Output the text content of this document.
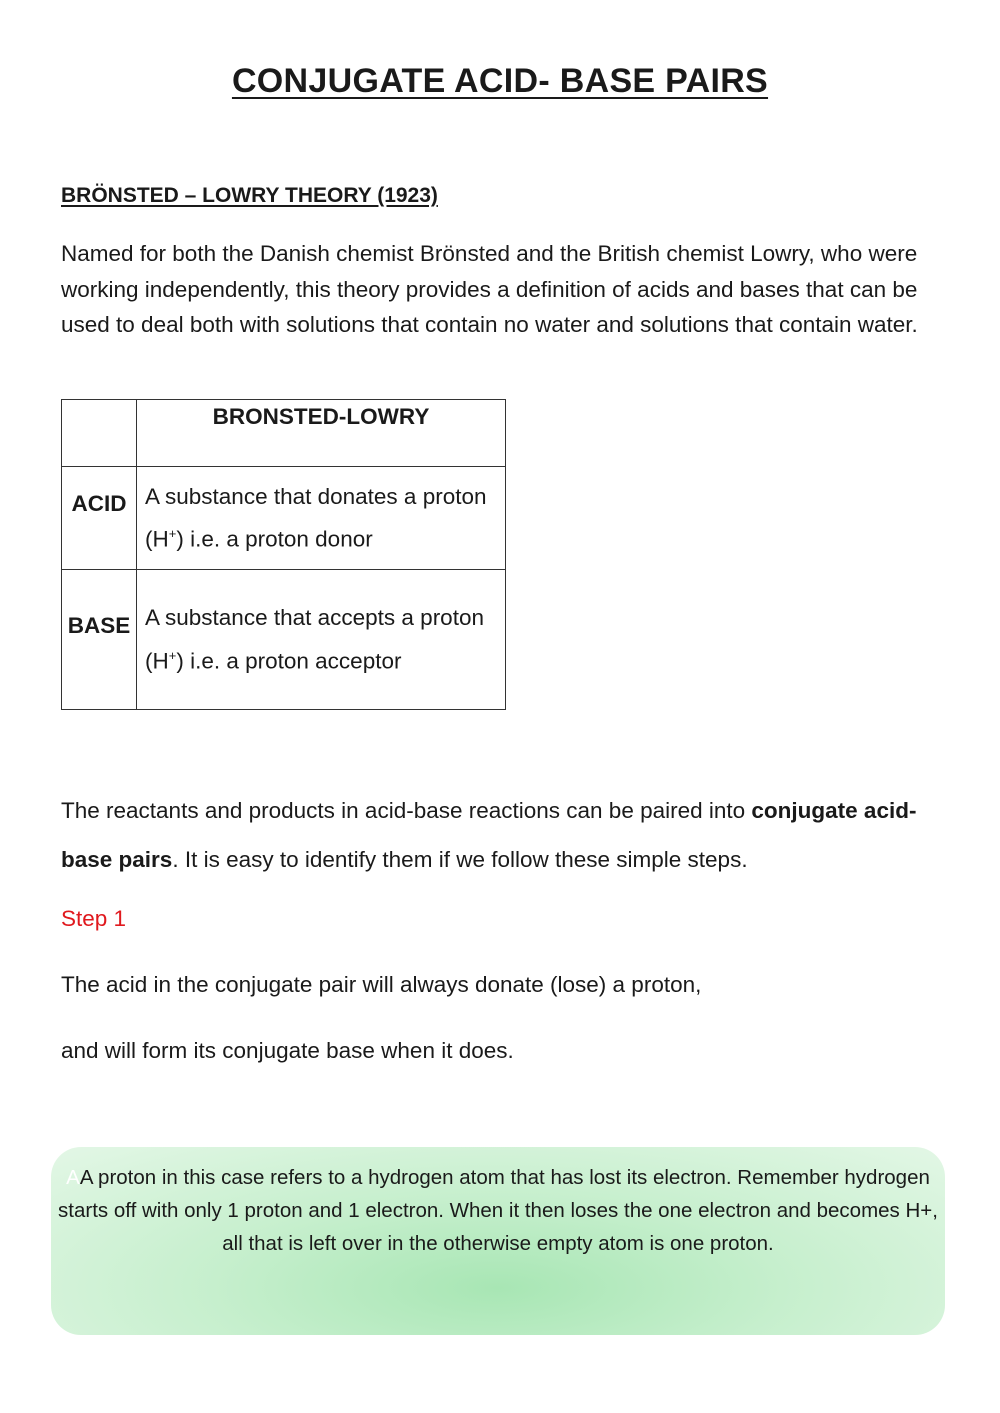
CONJUGATE ACID- BASE PAIRS
BRÖNSTED – LOWRY THEORY (1923)

Named for both the Danish chemist Brönsted and the British chemist Lowry, who were working independently, this theory provides a definition of acids and bases that can be used to deal both with solutions that contain no water and solutions that contain water.

	BRONSTED-LOWRY

ACID	A substance that donates a proton (H+) i.e. a proton donor

BASE	A substance that accepts a proton (H+) i.e. a proton acceptor

The reactants and products in acid-base reactions can be paired into conjugate acid-base pairs. It is easy to identify them if we follow these simple steps.

Step 1
The acid in the conjugate pair will always donate (lose) a proton,
and will form its conjugate base when it does.

AA proton in this case refers to a hydrogen atom that has lost its electron. Remember hydrogen starts off with only 1 proton and 1 electron. When it then loses the one electron and becomes H+, all that is left over in the otherwise empty atom is one proton.
